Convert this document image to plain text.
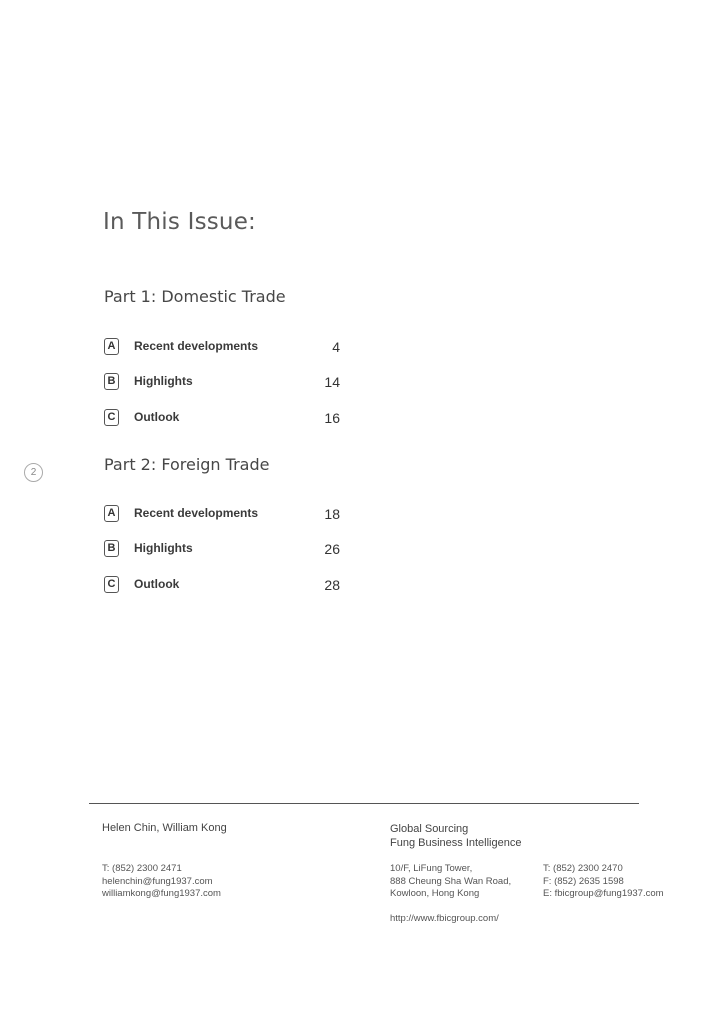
In This Issue:
Part 1: Domestic Trade
A Recent developments	4
B Highlights	14
C Outlook	16
2	Part 2: Foreign Trade
A Recent developments	18
B Highlights	26
C Outlook	28
Helen Chin, William Kong	Global Sourcing
Fung Business Intelligence
T: (852) 2300 2471
helenchin@fung1937.com
williamkong@fung1937.com
10/F, LiFung Tower,
888 Cheung Sha Wan Road,
Kowloon, Hong Kong
T: (852) 2300 2470
F: (852) 2635 1598
E: fbicgroup@fung1937.com
http://www.fbicgroup.com/
